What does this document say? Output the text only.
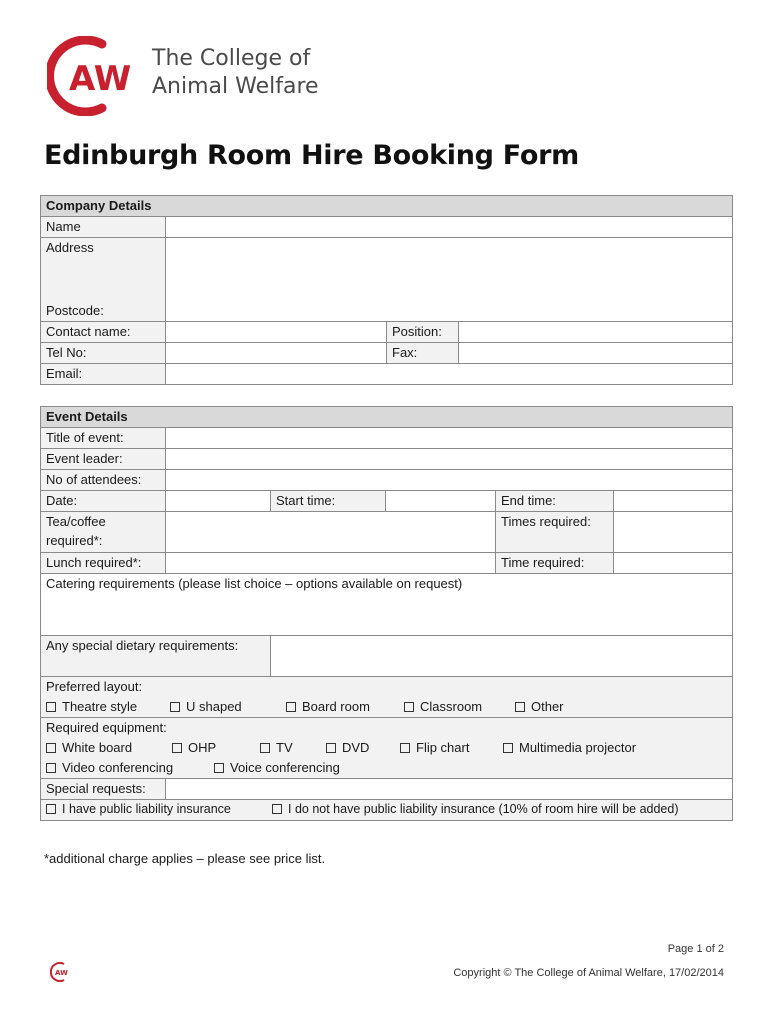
AW
The College of
Animal Welfare
Edinburgh Room Hire Booking Form
Company Details			
Name			
Address			
Postcode:			
Contact name:		Position:	
Tel No:		Fax:	
Email:			
Event Details					
Title of event:					
Event leader:					
No of attendees:					
Date:		Start time:		End time:	

Tea/coffee
required*:				Times required:	
Lunch required*:				Time required:	
Catering requirements (please list choice – options available on request)					
Any special dietary requirements:					
Preferred layout:					
Theatre style U shaped Board room Classroom Other					
Required equipment:					
White board OHP TV DVD Flip chart Multimedia projector					
Video conferencing Voice conferencing					
Special requests:					
I have public liability insurance I do not have public liability insurance (10% of room hire will be added)					
*additional charge applies – please see price list.
AW
Page 1 of 2
Copyright © The College of Animal Welfare, 17/02/2014
